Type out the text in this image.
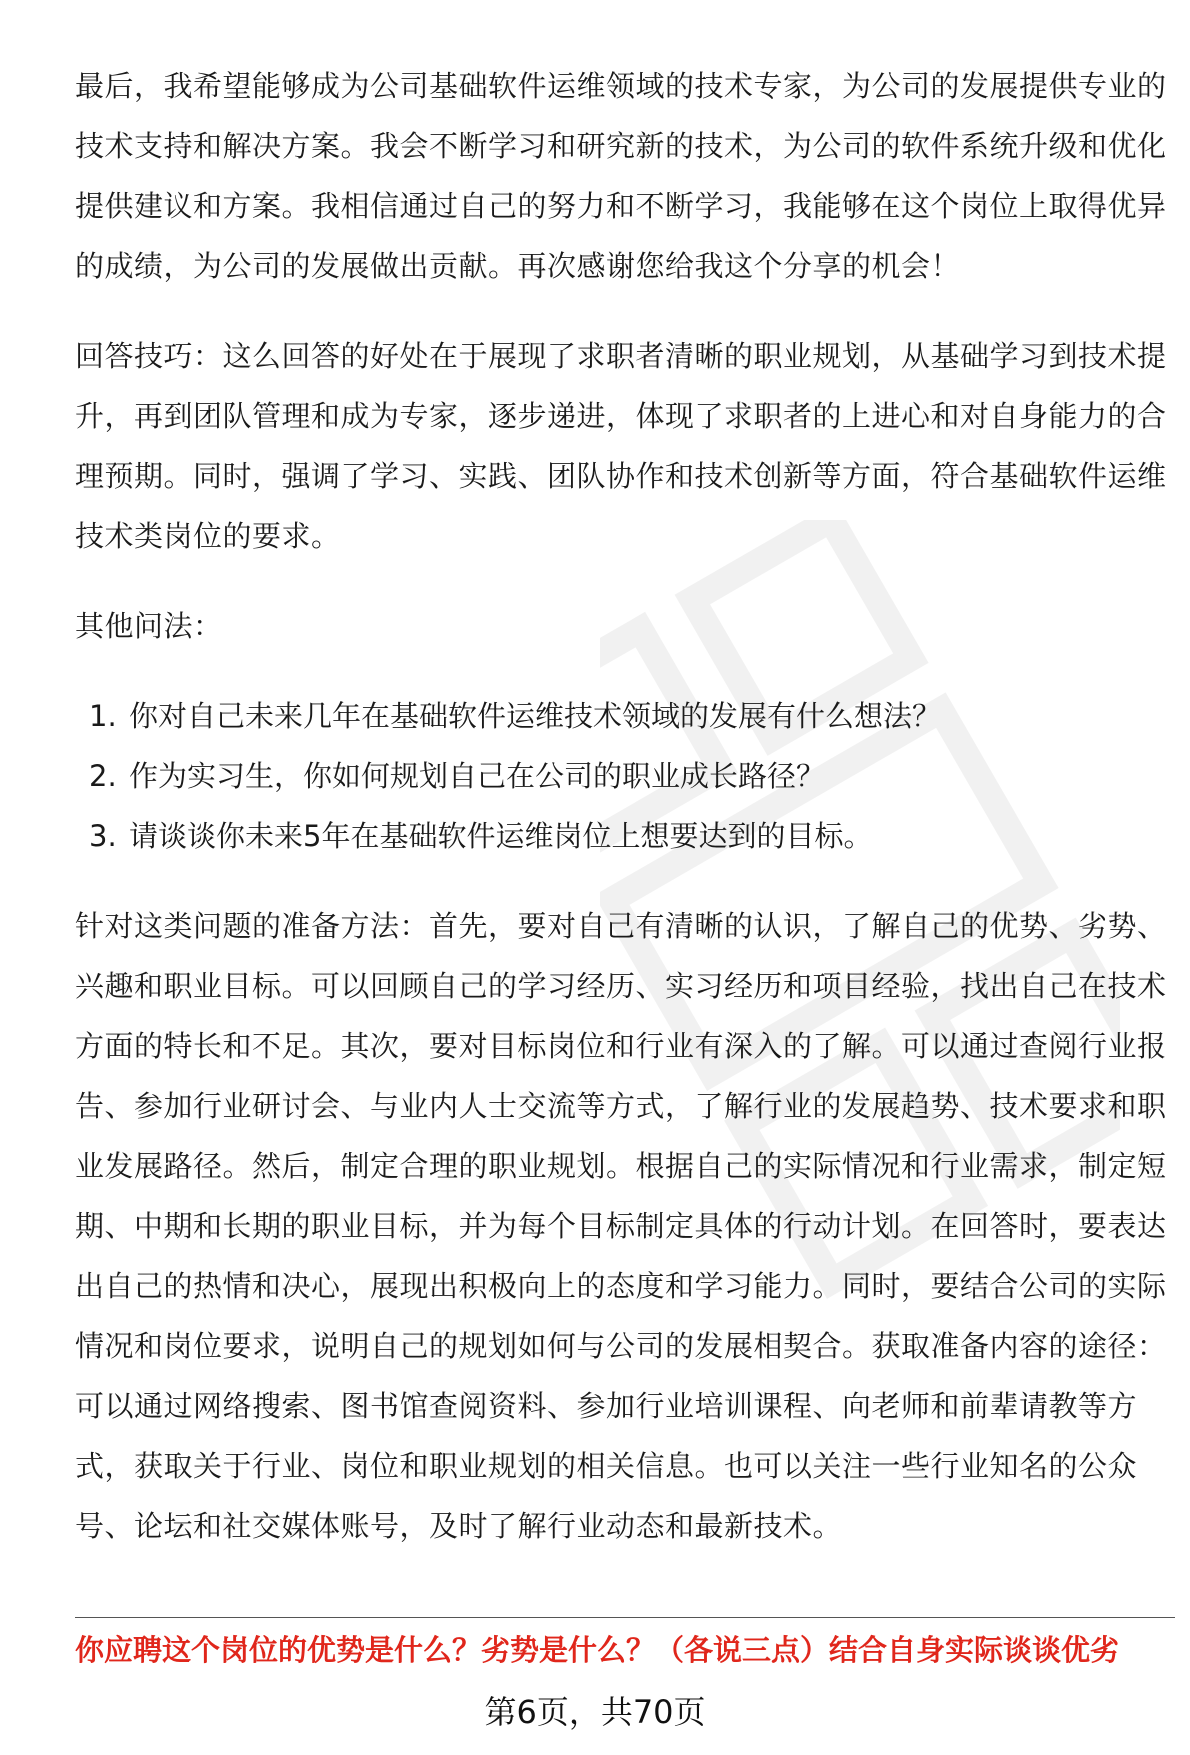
最后，我希望能够成为公司基础软件运维领域的技术专家，为公司的发展提供专业的技术支持和解决方案。我会不断学习和研究新的技术，为公司的软件系统升级和优化提供建议和方案。我相信通过自己的努力和不断学习，我能够在这个岗位上取得优异的成绩，为公司的发展做出贡献。再次感谢您给我这个分享的机会！

回答技巧：这么回答的好处在于展现了求职者清晰的职业规划，从基础学习到技术提升，再到团队管理和成为专家，逐步递进，体现了求职者的上进心和对自身能力的合理预期。同时，强调了学习、实践、团队协作和技术创新等方面，符合基础软件运维技术类岗位的要求。

其他问法：

1. 你对自己未来几年在基础软件运维技术领域的发展有什么想法？
2. 作为实习生，你如何规划自己在公司的职业成长路径？
3. 请谈谈你未来5年在基础软件运维岗位上想要达到的目标。

针对这类问题的准备方法：首先，要对自己有清晰的认识，了解自己的优势、劣势、兴趣和职业目标。可以回顾自己的学习经历、实习经历和项目经验，找出自己在技术方面的特长和不足。其次，要对目标岗位和行业有深入的了解。可以通过查阅行业报告、参加行业研讨会、与业内人士交流等方式，了解行业的发展趋势、技术要求和职业发展路径。然后，制定合理的职业规划。根据自己的实际情况和行业需求，制定短期、中期和长期的职业目标，并为每个目标制定具体的行动计划。在回答时，要表达出自己的热情和决心，展现出积极向上的态度和学习能力。同时，要结合公司的实际情况和岗位要求，说明自己的规划如何与公司的发展相契合。获取准备内容的途径：可以通过网络搜索、图书馆查阅资料、参加行业培训课程、向老师和前辈请教等方式，获取关于行业、岗位和职业规划的相关信息。也可以关注一些行业知名的公众号、论坛和社交媒体账号，及时了解行业动态和最新技术。

你应聘这个岗位的优势是什么？劣势是什么？（各说三点）结合自身实际谈谈优劣
第6页，共70页
